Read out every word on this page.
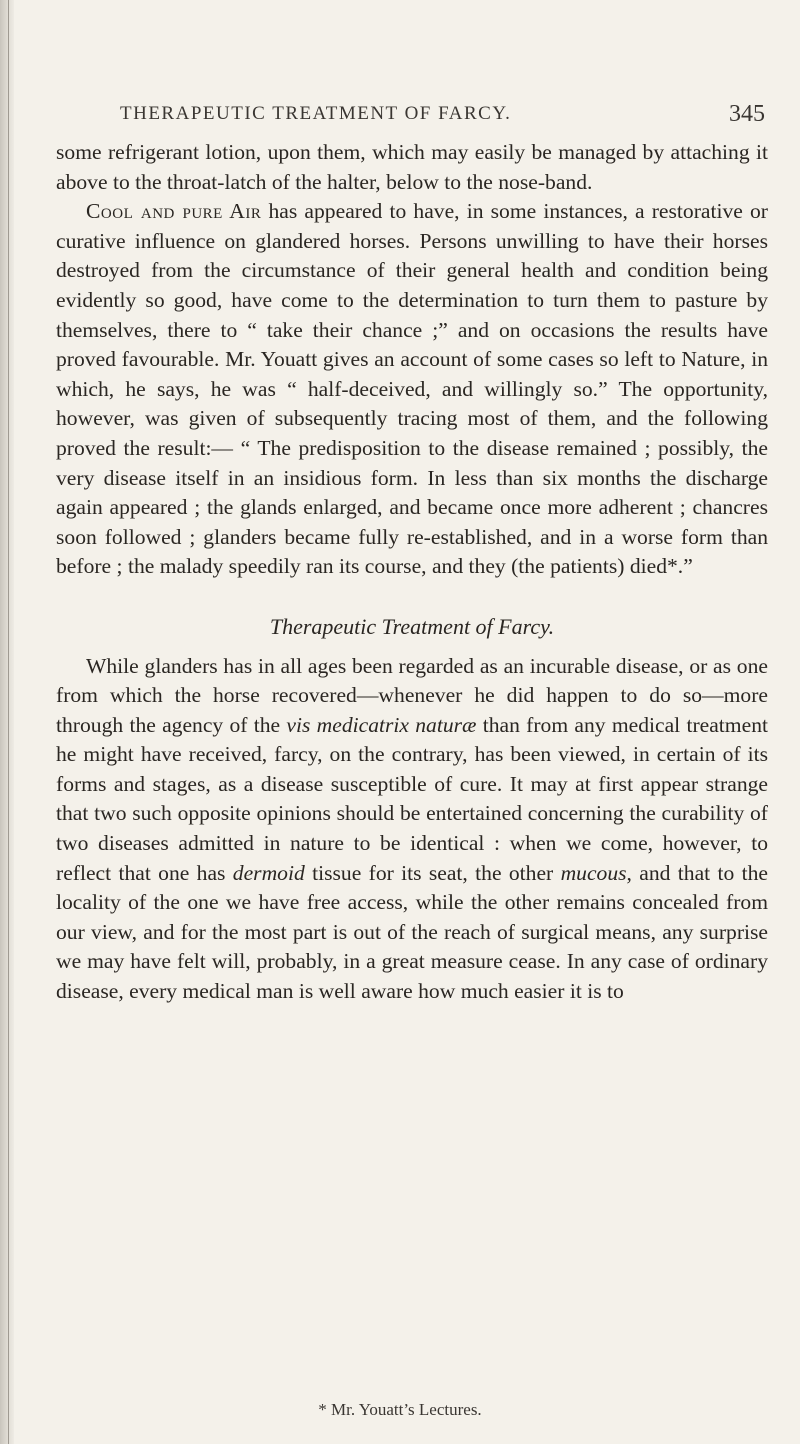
THERAPEUTIC TREATMENT OF FARCY.	345

some refrigerant lotion, upon them, which may easily be managed by attaching it above to the throat-latch of the halter, below to the nose-band.

Cool and pure Air has appeared to have, in some instances, a restorative or curative influence on glandered horses. Persons unwilling to have their horses destroyed from the circumstance of their general health and condition being evidently so good, have come to the determination to turn them to pasture by themselves, there to “ take their chance ;” and on occasions the results have proved favourable. Mr. Youatt gives an account of some cases so left to Nature, in which, he says, he was “ half-deceived, and willingly so.” The opportunity, however, was given of subsequently tracing most of them, and the following proved the result:— “ The predisposition to the disease remained ; possibly, the very disease itself in an insidious form. In less than six months the discharge again appeared ; the glands enlarged, and became once more adherent ; chancres soon followed ; glanders became fully re-established, and in a worse form than before ; the malady speedily ran its course, and they (the patients) died*.”

Therapeutic Treatment of Farcy.

While glanders has in all ages been regarded as an incurable disease, or as one from which the horse recovered—whenever he did happen to do so—more through the agency of the vis medicatrix naturæ than from any medical treatment he might have received, farcy, on the contrary, has been viewed, in certain of its forms and stages, as a disease susceptible of cure. It may at first appear strange that two such opposite opinions should be entertained concerning the curability of two diseases admitted in nature to be identical : when we come, however, to reflect that one has dermoid tissue for its seat, the other mucous, and that to the locality of the one we have free access, while the other remains concealed from our view, and for the most part is out of the reach of surgical means, any surprise we may have felt will, probably, in a great measure cease. In any case of ordinary disease, every medical man is well aware how much easier it is to

* Mr. Youatt’s Lectures.
